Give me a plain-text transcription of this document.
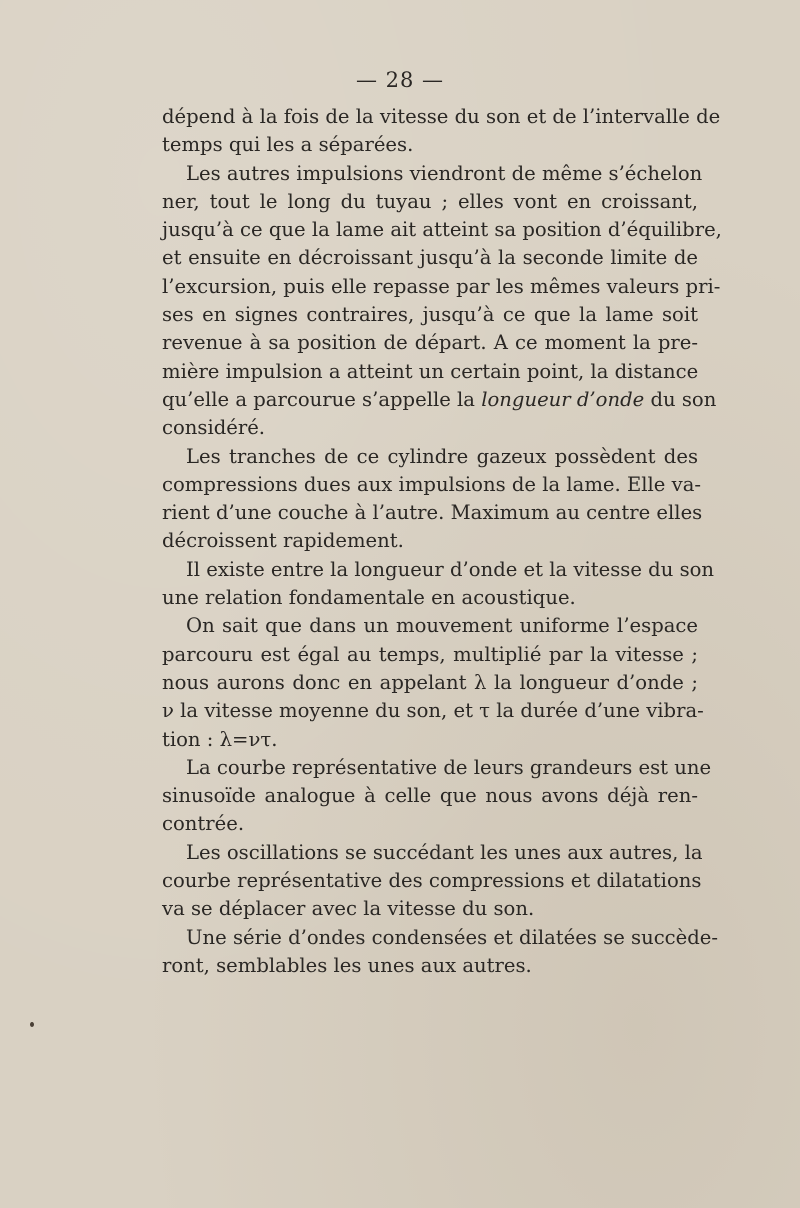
— 28 —
dépend à la fois de la vitesse du son et de l’intervalle de
temps qui les a séparées.
Les autres impulsions viendront de même s’échelon
ner, tout le long du tuyau ; elles vont en croissant,
jusqu’à ce que la lame ait atteint sa position d’équilibre,
et ensuite en décroissant jusqu’à la seconde limite de
l’excursion, puis elle repasse par les mêmes valeurs pri-
ses en signes contraires, jusqu’à ce que la lame soit
revenue à sa position de départ. A ce moment la pre-
mière impulsion a atteint un certain point, la distance
qu’elle a parcourue s’appelle la longueur d’onde du son
considéré.
Les tranches de ce cylindre gazeux possèdent des
compressions dues aux impulsions de la lame. Elle va-
rient d’une couche à l’autre. Maximum au centre elles
décroissent rapidement.
Il existe entre la longueur d’onde et la vitesse du son
une relation fondamentale en acoustique.
On sait que dans un mouvement uniforme l’espace
parcouru est égal au temps, multiplié par la vitesse ;
nous aurons donc en appelant λ la longueur d’onde ;
ν la vitesse moyenne du son, et τ la durée d’une vibra-
tion : λ=ντ.
La courbe représentative de leurs grandeurs est une
sinusoïde analogue à celle que nous avons déjà ren-
contrée.
Les oscillations se succédant les unes aux autres, la
courbe représentative des compressions et dilatations
va se déplacer avec la vitesse du son.
Une série d’ondes condensées et dilatées se succède-
ront, semblables les unes aux autres.
